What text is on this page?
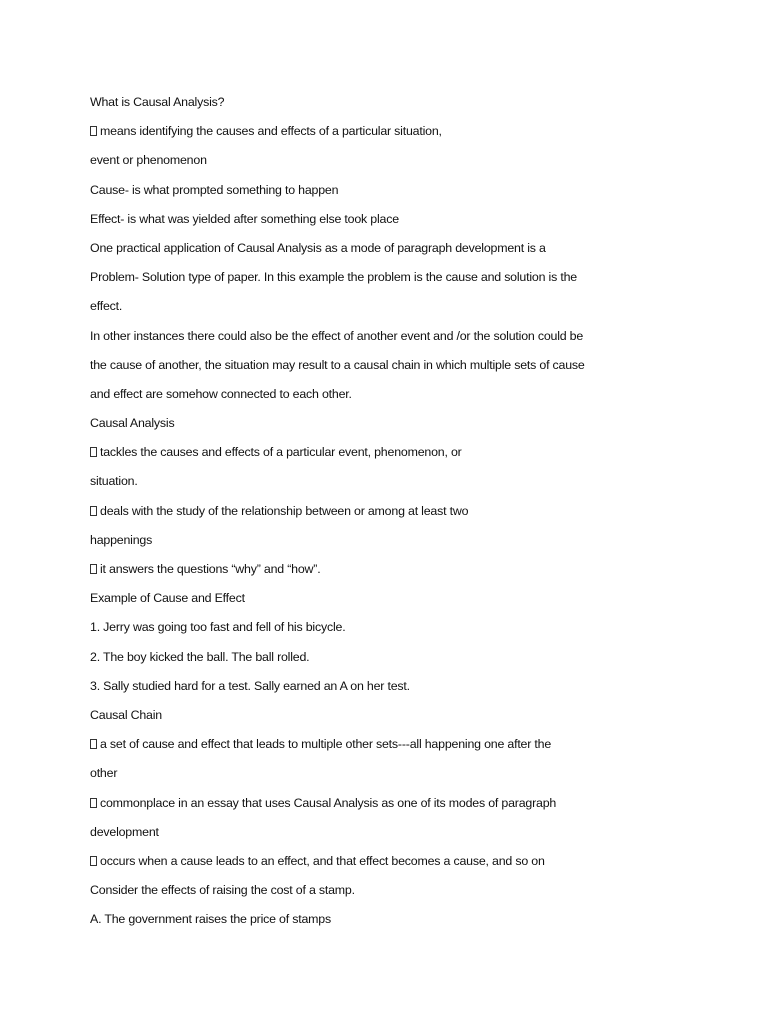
What is Causal Analysis?
means identifying the causes and effects of a particular situation,
event or phenomenon
Cause- is what prompted something to happen
Effect- is what was yielded after something else took place
One practical application of Causal Analysis as a mode of paragraph development is a
Problem- Solution type of paper. In this example the problem is the cause and solution is the
effect.
In other instances there could also be the effect of another event and /or the solution could be
the cause of another, the situation may result to a causal chain in which multiple sets of cause
and effect are somehow connected to each other.
Causal Analysis
tackles the causes and effects of a particular event, phenomenon, or
situation.
deals with the study of the relationship between or among at least two
happenings
it answers the questions “why” and “how”.
Example of Cause and Effect
1. Jerry was going too fast and fell of his bicycle.
2. The boy kicked the ball. The ball rolled.
3. Sally studied hard for a test. Sally earned an A on her test.
Causal Chain
a set of cause and effect that leads to multiple other sets---all happening one after the
other
commonplace in an essay that uses Causal Analysis as one of its modes of paragraph
development
occurs when a cause leads to an effect, and that effect becomes a cause, and so on
Consider the effects of raising the cost of a stamp.
A. The government raises the price of stamps
